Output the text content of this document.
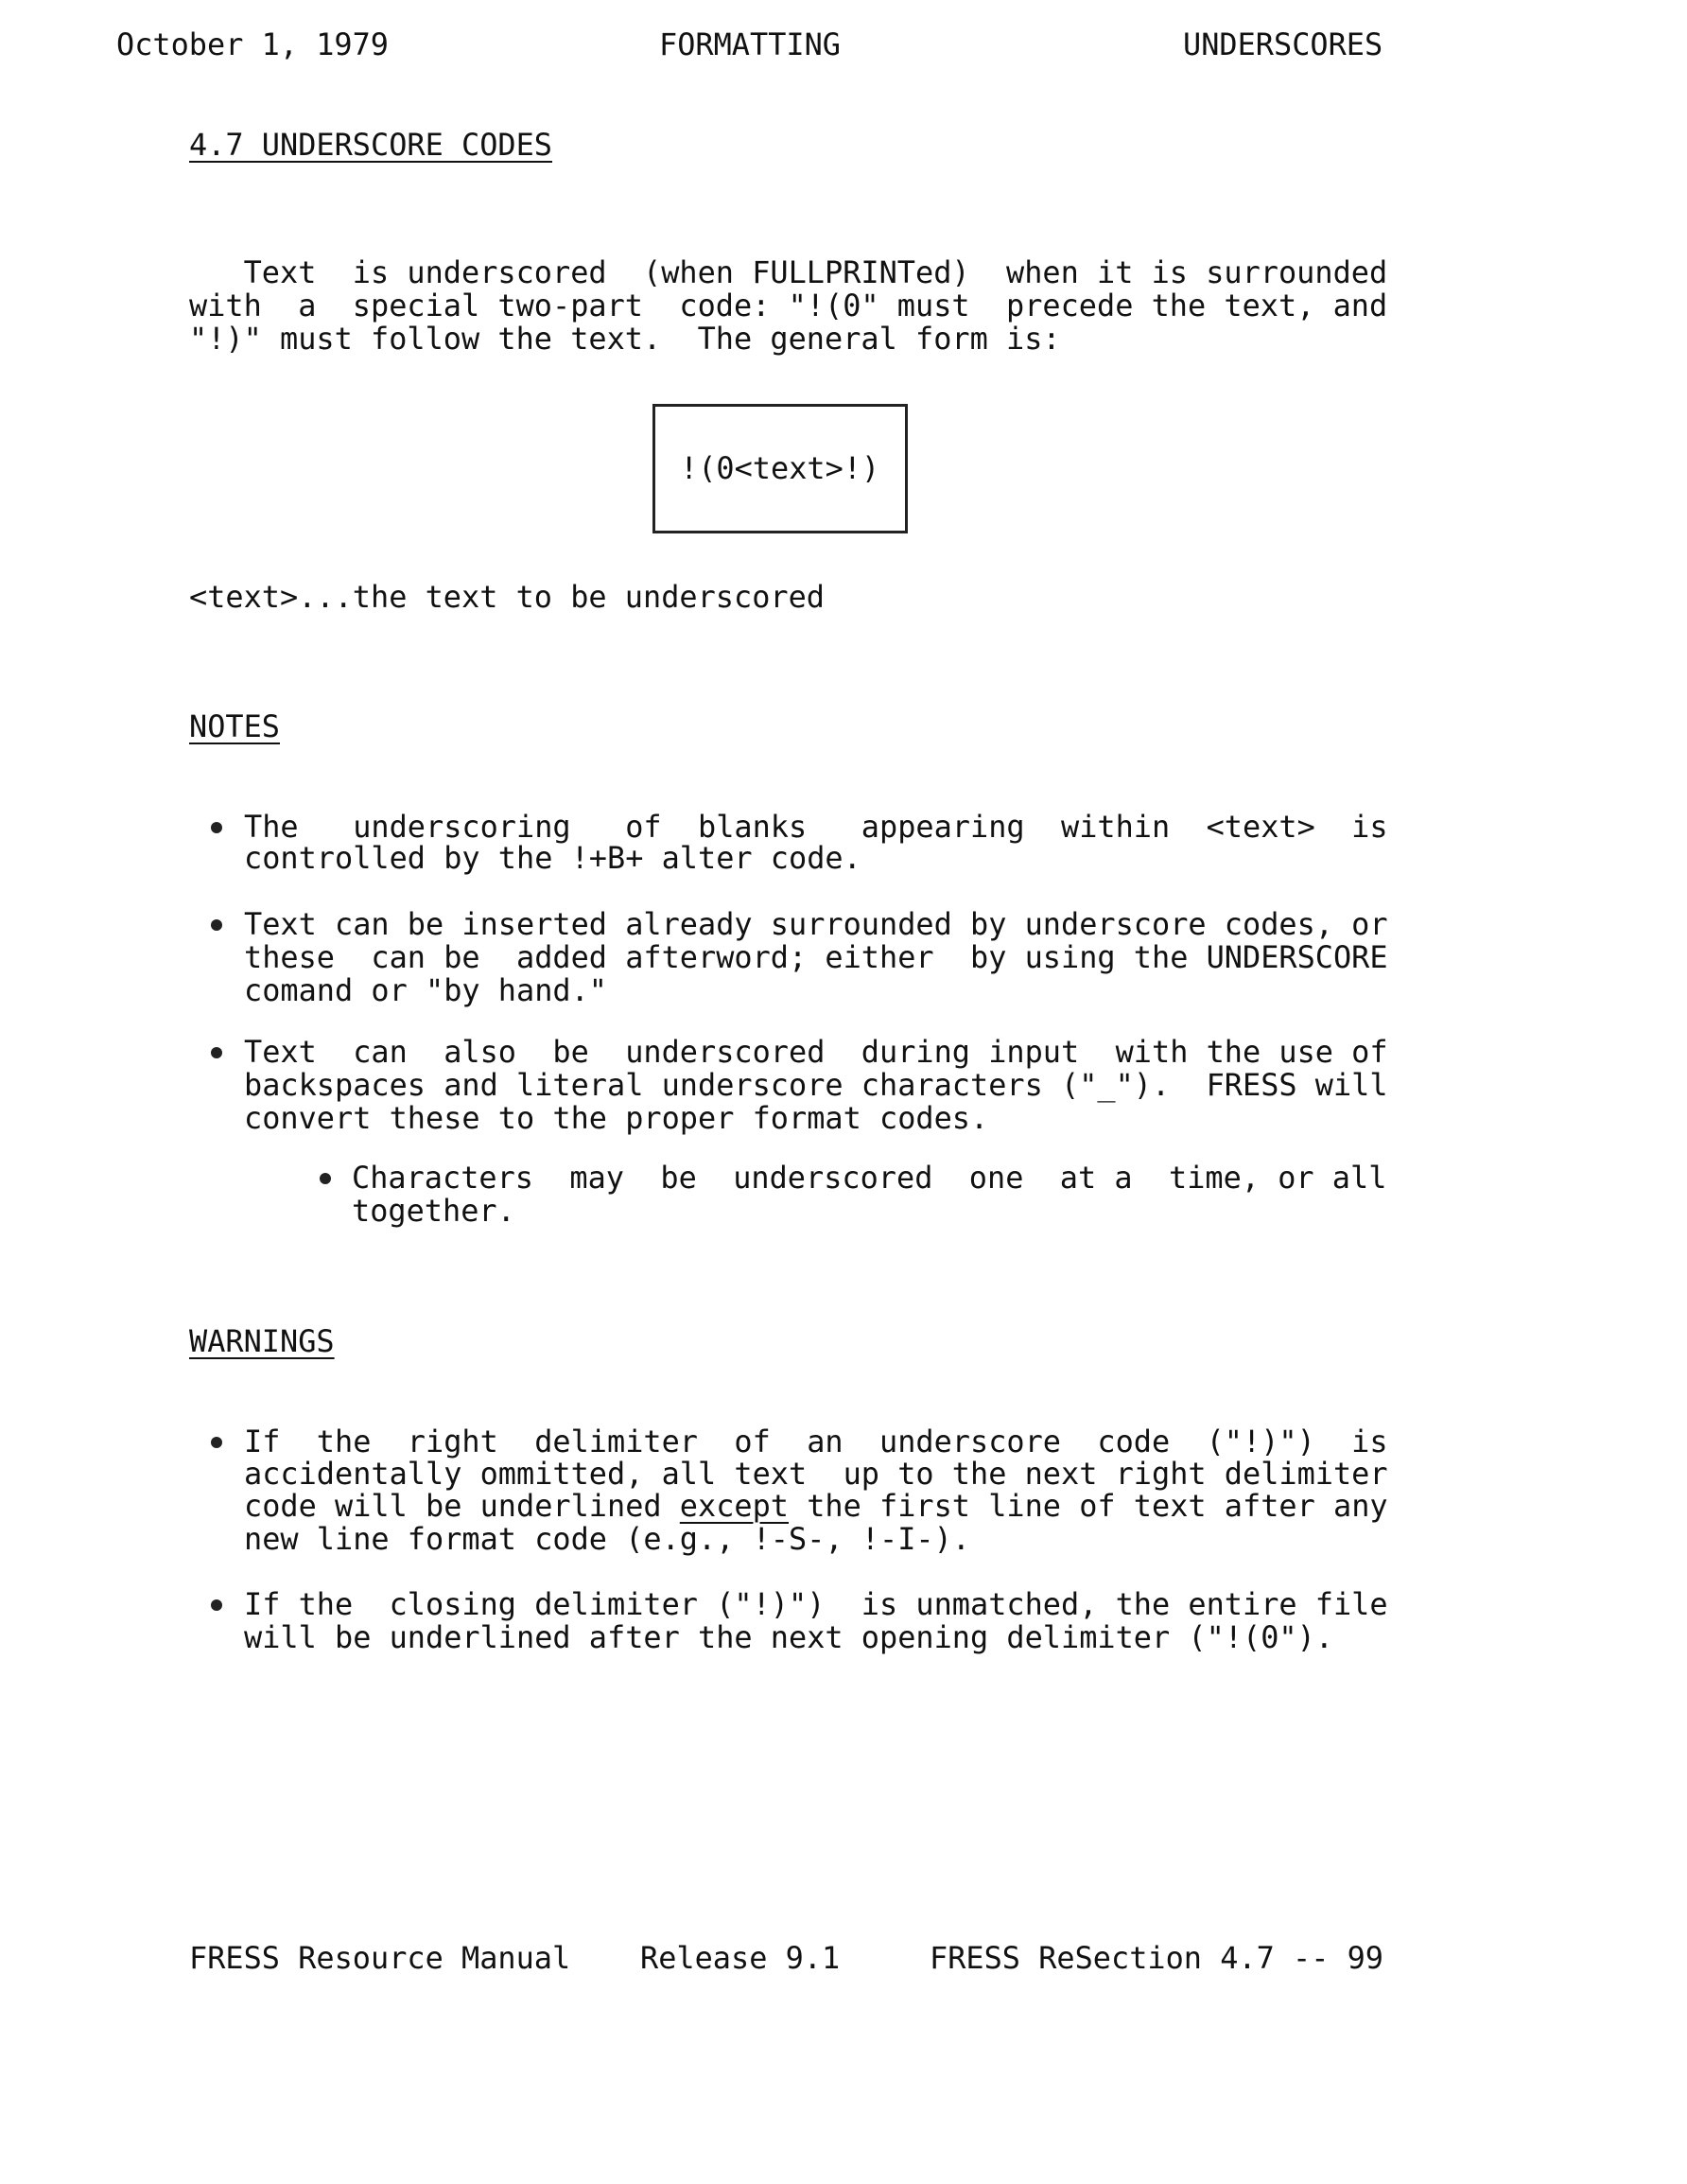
October 1, 1979	FORMATTING	UNDERSCORES
4.7 UNDERSCORE CODES
Text  is underscored  (when FULLPRINTed)  when it is surrounded
with  a  special two-part  code: "!(0" must  precede the text, and
"!)" must follow the text.  The general form is:
!(0<text>!)
<text>...the text to be underscored
NOTES
The   underscoring   of  blanks   appearing  within  <text>  is
controlled by the !+B+ alter code.
Text can be inserted already surrounded by underscore codes, or
these  can be  added afterword; either  by using the UNDERSCORE
comand or "by hand."
Text  can  also  be  underscored  during input  with the use of
backspaces and literal underscore characters ("_").  FRESS will
convert these to the proper format codes.
Characters  may  be  underscored  one  at a  time, or all
together.
WARNINGS
If  the  right  delimiter  of  an  underscore  code  ("!)")  is
accidentally ommitted, all text  up to the next right delimiter
code will be underlined except the first line of text after any
new line format code (e.g., !-S-, !-I-).
If the  closing delimiter ("!)")  is unmatched, the entire file
will be underlined after the next opening delimiter ("!(0").
FRESS Resource Manual Release 9.1	FRESS ReSection 4.7 -- 99
